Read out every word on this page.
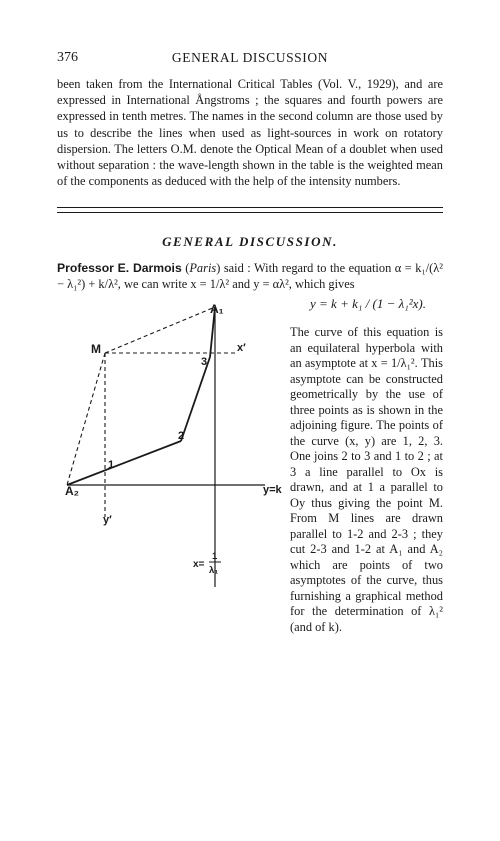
376	GENERAL DISCUSSION

been taken from the International Critical Tables (Vol. V., 1929), and are expressed in International Ångstroms ; the squares and fourth powers are expressed in tenth metres. The names in the second column are those used by us to describe the lines when used as light-sources in work on rotatory dispersion. The letters O.M. denote the Optical Mean of a doublet when used without separation : the wave-length shown in the table is the weighted mean of the components as deduced with the help of the intensity numbers.

GENERAL DISCUSSION.

Professor E. Darmois (Paris) said : With regard to the equation α = k₁/(λ² − λ₁²) + k/λ², we can write x = 1/λ² and y = αλ², which gives

y = k + k₁ / (1 − λ₁²x).

The curve of this equation is an equilateral hyperbola with an asymptote at x = 1/λ₁². This asymptote can be constructed geometrically by the use of three points as is shown in the adjoining figure. The points of the curve (x, y) are 1, 2, 3. One joins 2 to 3 and 1 to 2 ; at 3 a line parallel to Ox is drawn, and at 1 a parallel to Oy thus giving the point M. From M lines are drawn parallel to 1-2 and 2-3 ; they cut 2-3 and 1-2 at A₁ and A₂ which are points of two asymptotes of the curve, thus furnishing a graphical method for the determination of λ₁² (and of k).

A₁
M	x′
3
2
1
A₂	y=k
y′
x=
1
λ₁
